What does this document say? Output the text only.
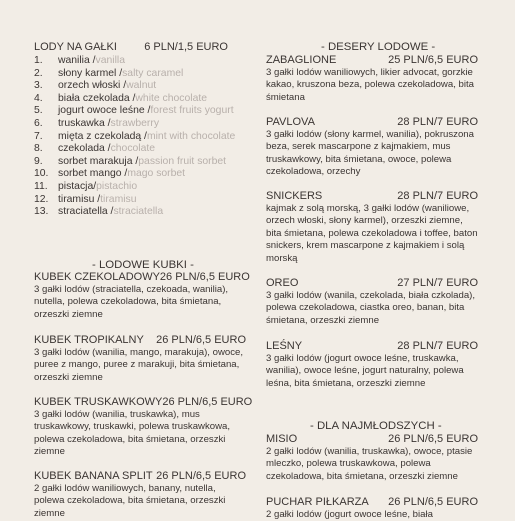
LODY NA GAŁKI 6 PLN/1,5 EURO
1.	wanilia / vanilla
2.	słony karmel / salty caramel
3.	orzech włoski / walnut
4.	biała czekolada / white chocolate
5.	jogurt owoce leśne / forest fruits yogurt
6.	truskawka / strawberry
7.	mięta z czekoladą / mint with chocolate
8.	czekolada / chocolate
9.	sorbet marakuja / passion fruit sorbet
10. sorbet mango / mago sorbet
11. pistacja/ pistachio
12. tiramisu / tiramisu
13. straciatella / straciatella
- LODOWE KUBKI -
KUBEK CZEKOLADOWY 26 PLN/6,5 EURO
3 gałki lodów (straciatella, czekoada, wanilia), nutella, polewa czekoladowa, bita śmietana, orzeszki ziemne
KUBEK TROPIKALNY 26 PLN/6,5 EURO
3 gałki lodów (wanilia, mango, marakuja), owoce, puree z mango, puree z marakuji, bita śmietana, orzeszki ziemne
KUBEK TRUSKAWKOWY 26 PLN/6,5 EURO
3 gałki lodów (wanilia, truskawka), mus truskawkowy, truskawki, polewa truskawkowa, polewa czekoladowa, bita śmietana, orzeszki ziemne
KUBEK BANANA SPLIT 26 PLN/6,5 EURO
2 gałki lodów waniliowych, banany, nutella, polewa czekoladowa, bita śmietana, orzeszki ziemne
- DESERY LODOWE -
ZABAGLIONE	25 PLN/6,5 EURO
3 gałki lodów waniliowych, likier advocat, gorzkie kakao, kruszona beza, polewa czekoladowa, bita śmietana
PAVLOVA	28 PLN/7 EURO
3 gałki lodów (słony karmel, wanilia), pokruszona beza, serek mascarpone z kajmakiem, mus truskawkowy, bita śmietana, owoce, polewa czekoladowa, orzechy
SNICKERS	28 PLN/7 EURO
kajmak z solą morską, 3 gałki lodów (waniliowe, orzech włoski, słony karmel), orzeszki ziemne, bita śmietana, polewa czekoladowa i toffee, baton snickers, krem mascarpone z kajmakiem i solą morską
OREO	27 PLN/7 EURO
3 gałki lodów (wanila, czekolada, biała czkolada), polewa czekoladowa, ciastka oreo, banan, bita śmietana, orzeszki ziemne
LEŚNY	28 PLN/7 EURO
3 gałki lodów (jogurt owoce leśne, truskawka, wanilia), owoce leśne, jogurt naturalny, polewa leśna, bita śmietana, orzeszki ziemne
- DLA NAJMŁODSZYCH -
MISIO	26 PLN/6,5 EURO
2 gałki lodów (wanilia, truskawka), owoce, ptasie mleczko, polewa truskawkowa, polewa czekoladowa, bita śmietana, orzeszki ziemne
PUCHAR PIŁKARZA 26 PLN/6,5 EURO
2 gałki lodów (jogurt owoce leśne, biała
